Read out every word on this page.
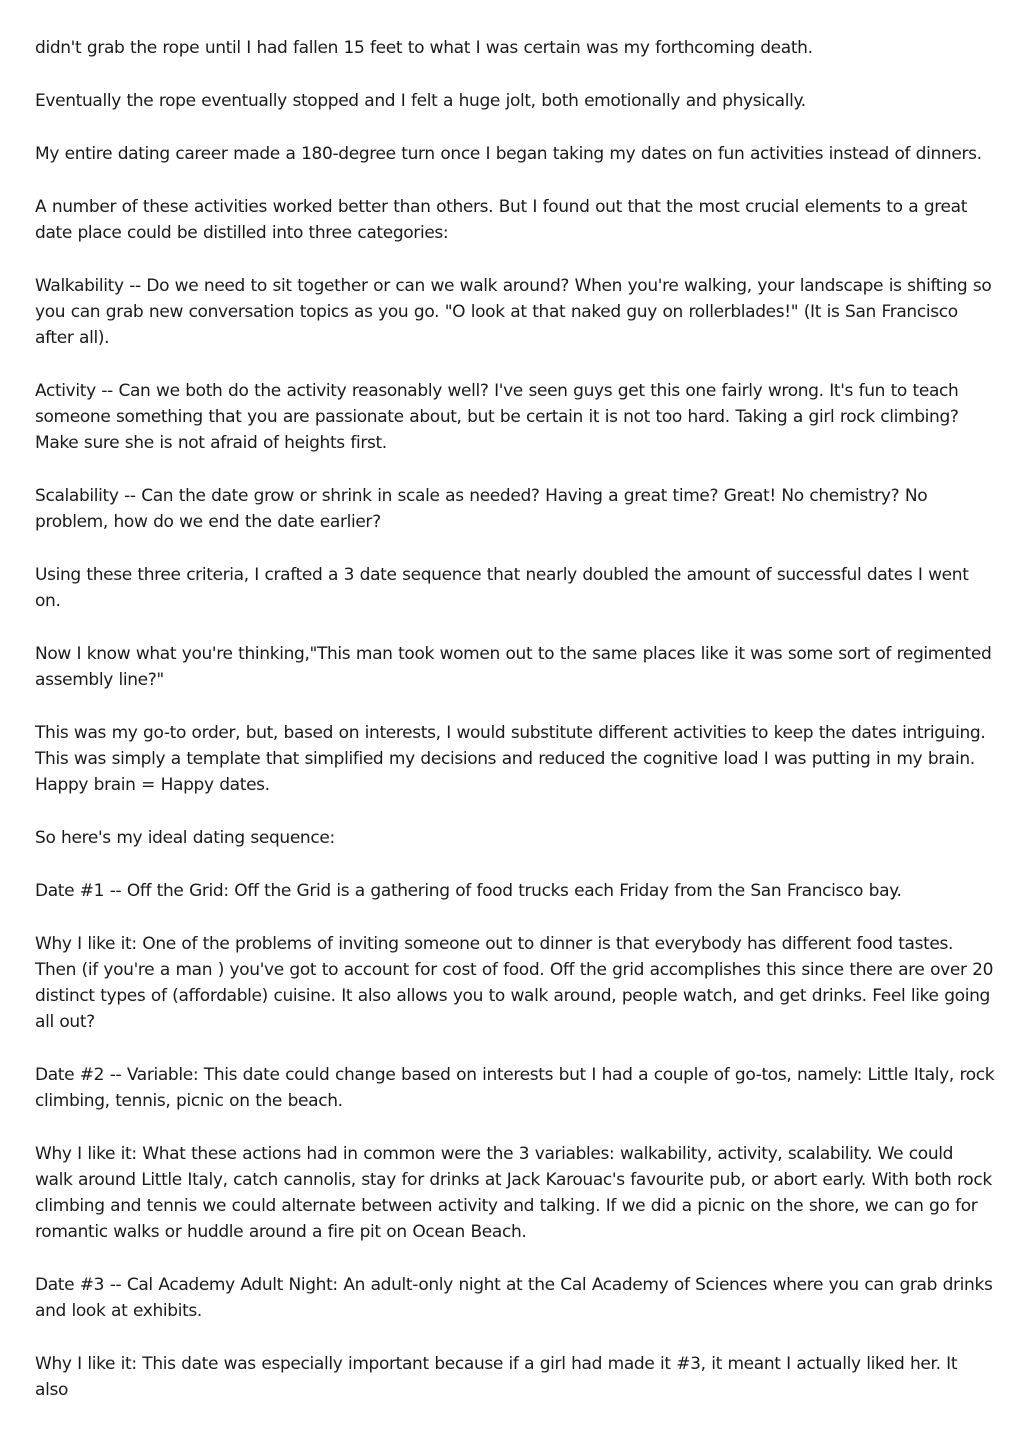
didn't grab the rope until I had fallen 15 feet to what I was certain was my forthcoming death.

Eventually the rope eventually stopped and I felt a huge jolt, both emotionally and physically.

My entire dating career made a 180-degree turn once I began taking my dates on fun activities instead of dinners.

A number of these activities worked better than others. But I found out that the most crucial elements to a great date place could be distilled into three categories:

Walkability -- Do we need to sit together or can we walk around? When you're walking, your landscape is shifting so you can grab new conversation topics as you go. "O look at that naked guy on rollerblades!" (It is San Francisco after all).

Activity -- Can we both do the activity reasonably well? I've seen guys get this one fairly wrong. It's fun to teach someone something that you are passionate about, but be certain it is not too hard. Taking a girl rock climbing? Make sure she is not afraid of heights first.

Scalability -- Can the date grow or shrink in scale as needed? Having a great time? Great! No chemistry? No problem, how do we end the date earlier?

Using these three criteria, I crafted a 3 date sequence that nearly doubled the amount of successful dates I went on.

Now I know what you're thinking,"This man took women out to the same places like it was some sort of regimented assembly line?"

This was my go-to order, but, based on interests, I would substitute different activities to keep the dates intriguing. This was simply a template that simplified my decisions and reduced the cognitive load I was putting in my brain. Happy brain = Happy dates.

So here's my ideal dating sequence:

Date #1 -- Off the Grid: Off the Grid is a gathering of food trucks each Friday from the San Francisco bay.

Why I like it: One of the problems of inviting someone out to dinner is that everybody has different food tastes. Then (if you're a man ) you've got to account for cost of food. Off the grid accomplishes this since there are over 20 distinct types of (affordable) cuisine. It also allows you to walk around, people watch, and get drinks. Feel like going all out?

Date #2 -- Variable: This date could change based on interests but I had a couple of go-tos, namely: Little Italy, rock climbing, tennis, picnic on the beach.

Why I like it: What these actions had in common were the 3 variables: walkability, activity, scalability. We could walk around Little Italy, catch cannolis, stay for drinks at Jack Karouac's favourite pub, or abort early. With both rock climbing and tennis we could alternate between activity and talking. If we did a picnic on the shore, we can go for romantic walks or huddle around a fire pit on Ocean Beach.

Date #3 -- Cal Academy Adult Night: An adult-only night at the Cal Academy of Sciences where you can grab drinks and look at exhibits.

Why I like it: This date was especially important because if a girl had made it #3, it meant I actually liked her. It also
